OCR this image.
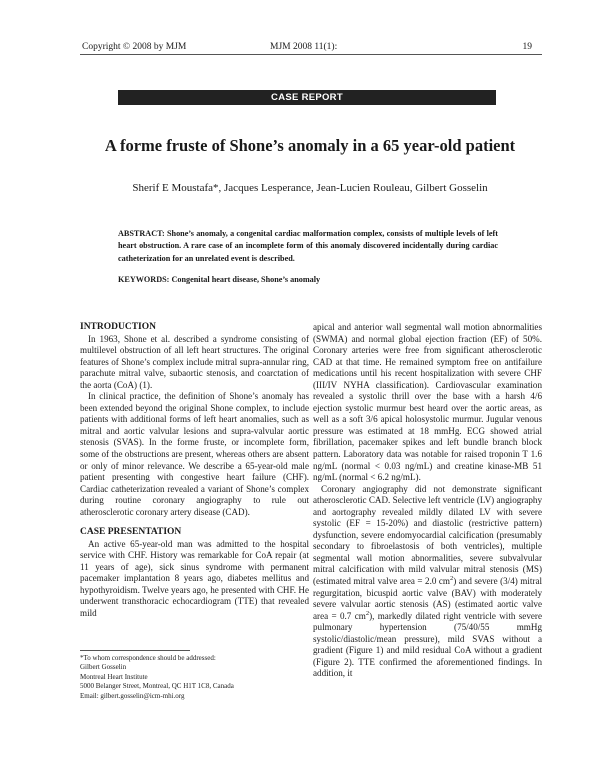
Copyright © 2008 by MJM	MJM 2008 11(1):	19
CASE REPORT
A forme fruste of Shone’s anomaly in a 65 year-old patient
Sherif E Moustafa*, Jacques Lesperance, Jean-Lucien Rouleau, Gilbert Gosselin
ABSTRACT: Shone’s anomaly, a congenital cardiac malformation complex, consists of multiple levels of left heart obstruction. A rare case of an incomplete form of this anomaly discovered incidentally during cardiac catheterization for an unrelated event is described.
KEYWORDS: Congenital heart disease, Shone’s anomaly

INTRODUCTION

In 1963, Shone et al. described a syndrome consisting of multilevel obstruction of all left heart structures. The original features of Shone’s complex include mitral supra-annular ring, parachute mitral valve, subaortic stenosis, and coarctation of the aorta (CoA) (1).

In clinical practice, the definition of Shone’s anomaly has been extended beyond the original Shone complex, to include patients with additional forms of left heart anomalies, such as mitral and aortic valvular lesions and supra-valvular aortic stenosis (SVAS). In the forme fruste, or incomplete form, some of the obstructions are present, whereas others are absent or only of minor relevance. We describe a 65-year-old male patient presenting with congestive heart failure (CHF). Cardiac catheterization revealed a variant of Shone’s complex during routine coronary angiography to rule out atherosclerotic coronary artery disease (CAD).

CASE PRESENTATION

An active 65-year-old man was admitted to the hospital service with CHF. History was remarkable for CoA repair (at 11 years of age), sick sinus syndrome with permanent pacemaker implantation 8 years ago, diabetes mellitus and hypothyroidism. Twelve years ago, he presented with CHF. He underwent transthoracic echocardiogram (TTE) that revealed mild

apical and anterior wall segmental wall motion abnormalities (SWMA) and normal global ejection fraction (EF) of 50%. Coronary arteries were free from significant atherosclerotic CAD at that time. He remained symptom free on antifailure medications until his recent hospitalization with severe CHF (III/IV NYHA classification). Cardiovascular examination revealed a systolic thrill over the base with a harsh 4/6 ejection systolic murmur best heard over the aortic areas, as well as a soft 3/6 apical holosystolic murmur. Jugular venous pressure was estimated at 18 mmHg. ECG showed atrial fibrillation, pacemaker spikes and left bundle branch block pattern. Laboratory data was notable for raised troponin T 1.6 ng/mL (normal < 0.03 ng/mL) and creatine kinase-MB 51 ng/mL (normal < 6.2 ng/mL).

Coronary angiography did not demonstrate significant atherosclerotic CAD. Selective left ventricle (LV) angiography and aortography revealed mildly dilated LV with severe systolic (EF = 15-20%) and diastolic (restrictive pattern) dysfunction, severe endomyocardial calcification (presumably secondary to fibroelastosis of both ventricles), multiple segmental wall motion abnormalities, severe subvalvular mitral calcification with mild valvular mitral stenosis (MS) (estimated mitral valve area = 2.0 $cm^2$) and severe (3/4) mitral regurgitation, bicuspid aortic valve (BAV) with moderately severe valvular aortic stenosis (AS) (estimated aortic valve area = 0.7 $cm^2$), markedly dilated right ventricle with severe pulmonary hypertension (75/40/55 mmHg systolic/diastolic/mean pressure), mild SVAS without a gradient (Figure 1) and mild residual CoA without a gradient (Figure 2). TTE confirmed the aforementioned findings. In addition, it

*To whom correspondence should be addressed:
Gilbert Gosselin
Montreal Heart Institute
5000 Belanger Street, Montreal, QC H1T 1C8, Canada
Email: gilbert.gosselin@icm-mhi.org
